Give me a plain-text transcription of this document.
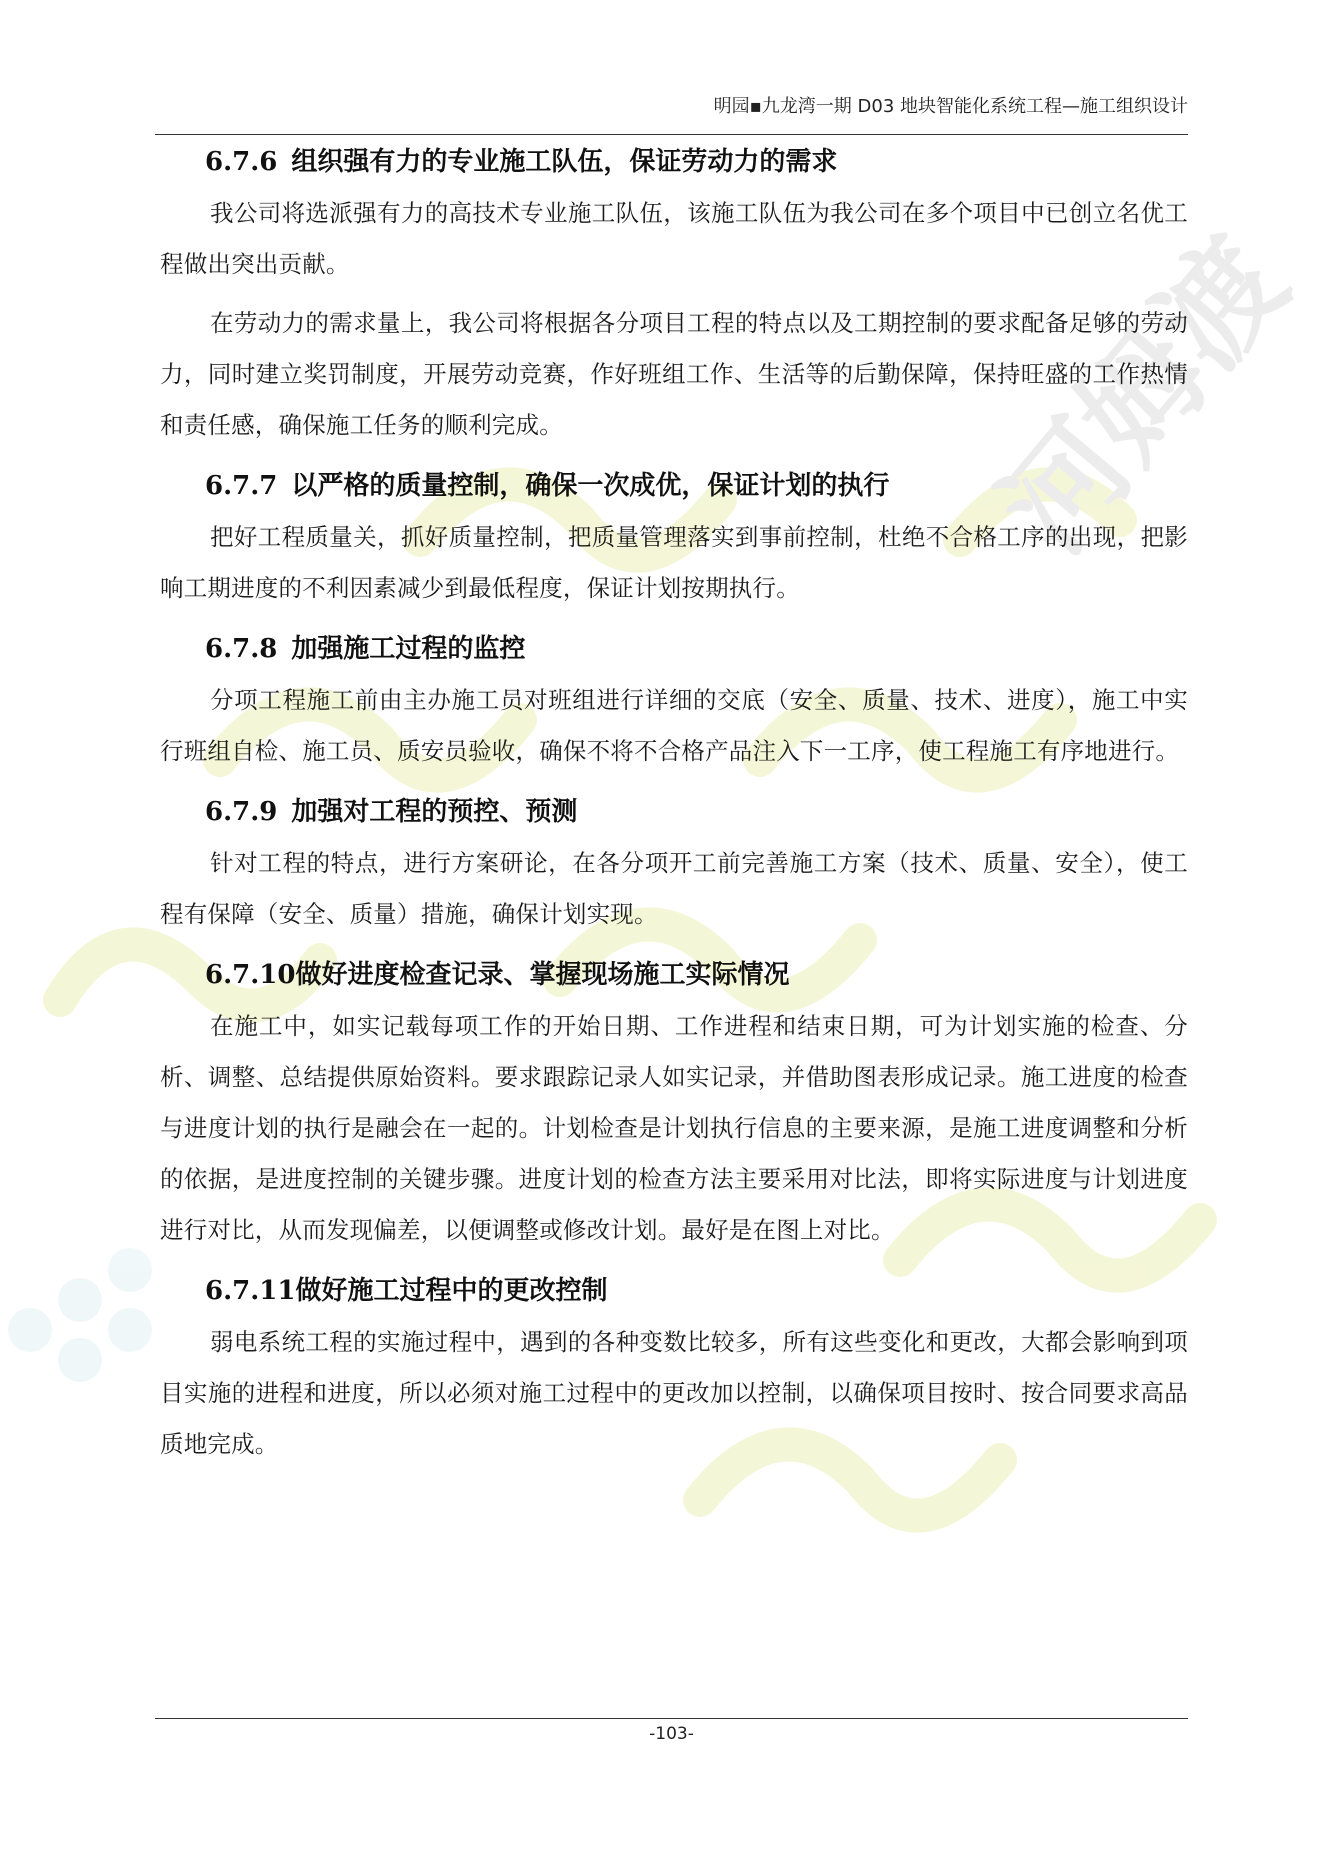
河姆渡
明园▪九龙湾一期 D03 地块智能化系统工程—施工组织设计
6.7.6 组织强有力的专业施工队伍，保证劳动力的需求

我公司将选派强有力的高技术专业施工队伍，该施工队伍为我公司在多个项目中已创立名优工程做出突出贡献。

在劳动力的需求量上，我公司将根据各分项目工程的特点以及工期控制的要求配备足够的劳动力，同时建立奖罚制度，开展劳动竞赛，作好班组工作、生活等的后勤保障，保持旺盛的工作热情和责任感，确保施工任务的顺利完成。

6.7.7 以严格的质量控制，确保一次成优，保证计划的执行

把好工程质量关，抓好质量控制，把质量管理落实到事前控制，杜绝不合格工序的出现，把影响工期进度的不利因素减少到最低程度，保证计划按期执行。

6.7.8 加强施工过程的监控

分项工程施工前由主办施工员对班组进行详细的交底（安全、质量、技术、进度），施工中实行班组自检、施工员、质安员验收，确保不将不合格产品注入下一工序，使工程施工有序地进行。

6.7.9 加强对工程的预控、预测

针对工程的特点，进行方案研论，在各分项开工前完善施工方案（技术、质量、安全），使工程有保障（安全、质量）措施，确保计划实现。

6.7.10做好进度检查记录、掌握现场施工实际情况

在施工中，如实记载每项工作的开始日期、工作进程和结束日期，可为计划实施的检查、分析、调整、总结提供原始资料。要求跟踪记录人如实记录，并借助图表形成记录。施工进度的检查与进度计划的执行是融会在一起的。计划检查是计划执行信息的主要来源，是施工进度调整和分析的依据，是进度控制的关键步骤。进度计划的检查方法主要采用对比法，即将实际进度与计划进度进行对比，从而发现偏差，以便调整或修改计划。最好是在图上对比。

6.7.11做好施工过程中的更改控制

弱电系统工程的实施过程中，遇到的各种变数比较多，所有这些变化和更改，大都会影响到项目实施的进程和进度，所以必须对施工过程中的更改加以控制，以确保项目按时、按合同要求高品质地完成。

-103-
